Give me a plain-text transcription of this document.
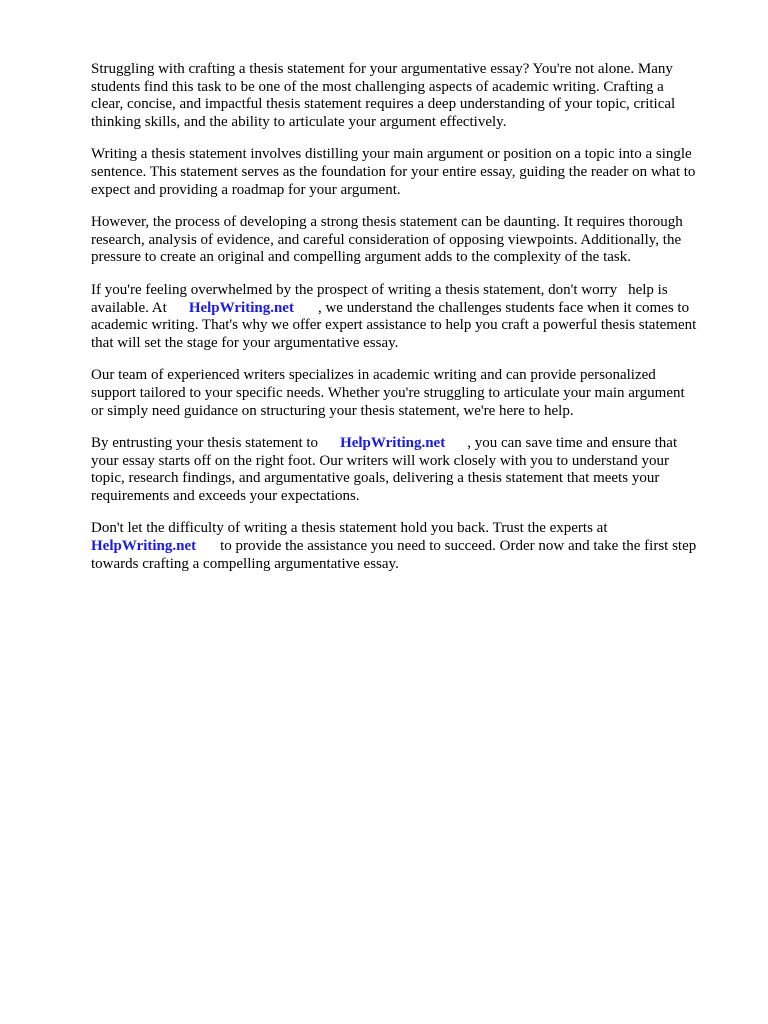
Struggling with crafting a thesis statement for your argumentative essay? You're not alone. Many
students find this task to be one of the most challenging aspects of academic writing. Crafting a
clear, concise, and impactful thesis statement requires a deep understanding of your topic, critical
thinking skills, and the ability to articulate your argument effectively.

Writing a thesis statement involves distilling your main argument or position on a topic into a single
sentence. This statement serves as the foundation for your entire essay, guiding the reader on what to
expect and providing a roadmap for your argument.

However, the process of developing a strong thesis statement can be daunting. It requires thorough
research, analysis of evidence, and careful consideration of opposing viewpoints. Additionally, the
pressure to create an original and compelling argument adds to the complexity of the task.

If you're feeling overwhelmed by the prospect of writing a thesis statement, don't worry help is
available. At HelpWriting.net , we understand the challenges students face when it comes to
academic writing. That's why we offer expert assistance to help you craft a powerful thesis statement
that will set the stage for your argumentative essay.

Our team of experienced writers specializes in academic writing and can provide personalized
support tailored to your specific needs. Whether you're struggling to articulate your main argument
or simply need guidance on structuring your thesis statement, we're here to help.

By entrusting your thesis statement to HelpWriting.net , you can save time and ensure that
your essay starts off on the right foot. Our writers will work closely with you to understand your
topic, research findings, and argumentative goals, delivering a thesis statement that meets your
requirements and exceeds your expectations.

Don't let the difficulty of writing a thesis statement hold you back. Trust the experts at
HelpWriting.net to provide the assistance you need to succeed. Order now and take the first step
towards crafting a compelling argumentative essay.
